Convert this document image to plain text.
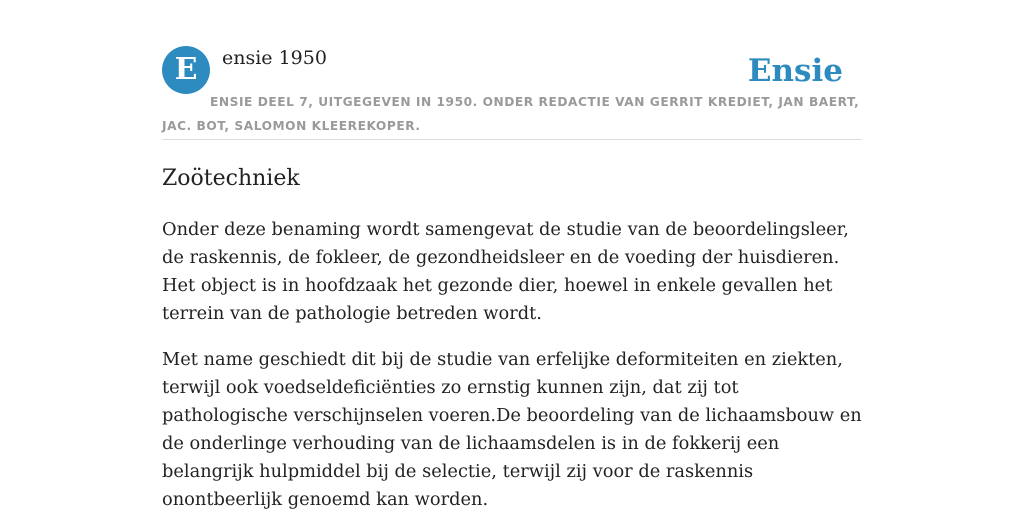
E	ensie 1950	Ensie
ENSIE DEEL 7, UITGEGEVEN IN 1950. ONDER REDACTIE VAN GERRIT KREDIET, JAN BAERT, JAC. BOT, SALOMON KLEEREKOPER.
Zoötechniek

Onder deze benaming wordt samengevat de studie van de beoordelingsleer, de raskennis, de fokleer, de gezondheidsleer en de voeding der huisdieren. Het object is in hoofdzaak het gezonde dier, hoewel in enkele gevallen het terrein van de pathologie betreden wordt.

Met name geschiedt dit bij de studie van erfelijke deformiteiten en ziekten, terwijl ook voedseldeficiënties zo ernstig kunnen zijn, dat zij tot pathologische verschijnselen voeren.De beoordeling van de lichaamsbouw en de onderlinge verhouding van de lichaamsdelen is in de fokkerij een belangrijk hulpmiddel bij de selectie, terwijl zij voor de raskennis onontbeerlijk genoemd kan worden.
